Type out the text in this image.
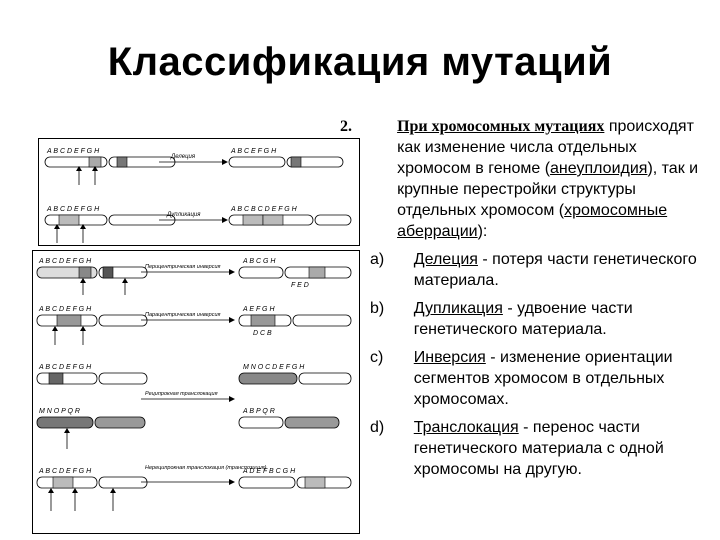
Классификация мутаций
A B C D E F G H
Делеция
A B C E F G H
A B C D E F G H
Дупликация
A B C B C D E F G H
A B C D E F G H
Перицентрическая инверсия
A B C G H
F E D
A B C D E F G H
Парацентрическая инверсия
A E F G H
D C B
A B C D E F G H	M N O C D E F G H
Реципрокная транслокация
M N O P Q R	A B P Q R
A B C D E F G H	Нереципрокная транслокация (транспозиция)
A D E F B C G H
2.	При хромосомных мутациях происходят как изменение числа отдельных хромосом в геноме (анеуплоидия), так и крупные перестройки структуры отдельных хромосом (хромосомные аберрации):
a)	Делеция - потеря части генетического материала.
b)	Дупликация - удвоение части генетического материала.
c)	Инверсия - изменение ориентации сегментов хромосом в отдельных хромосомах.
d)	Транслокация - перенос части генетического материала с одной хромосомы на другую.
